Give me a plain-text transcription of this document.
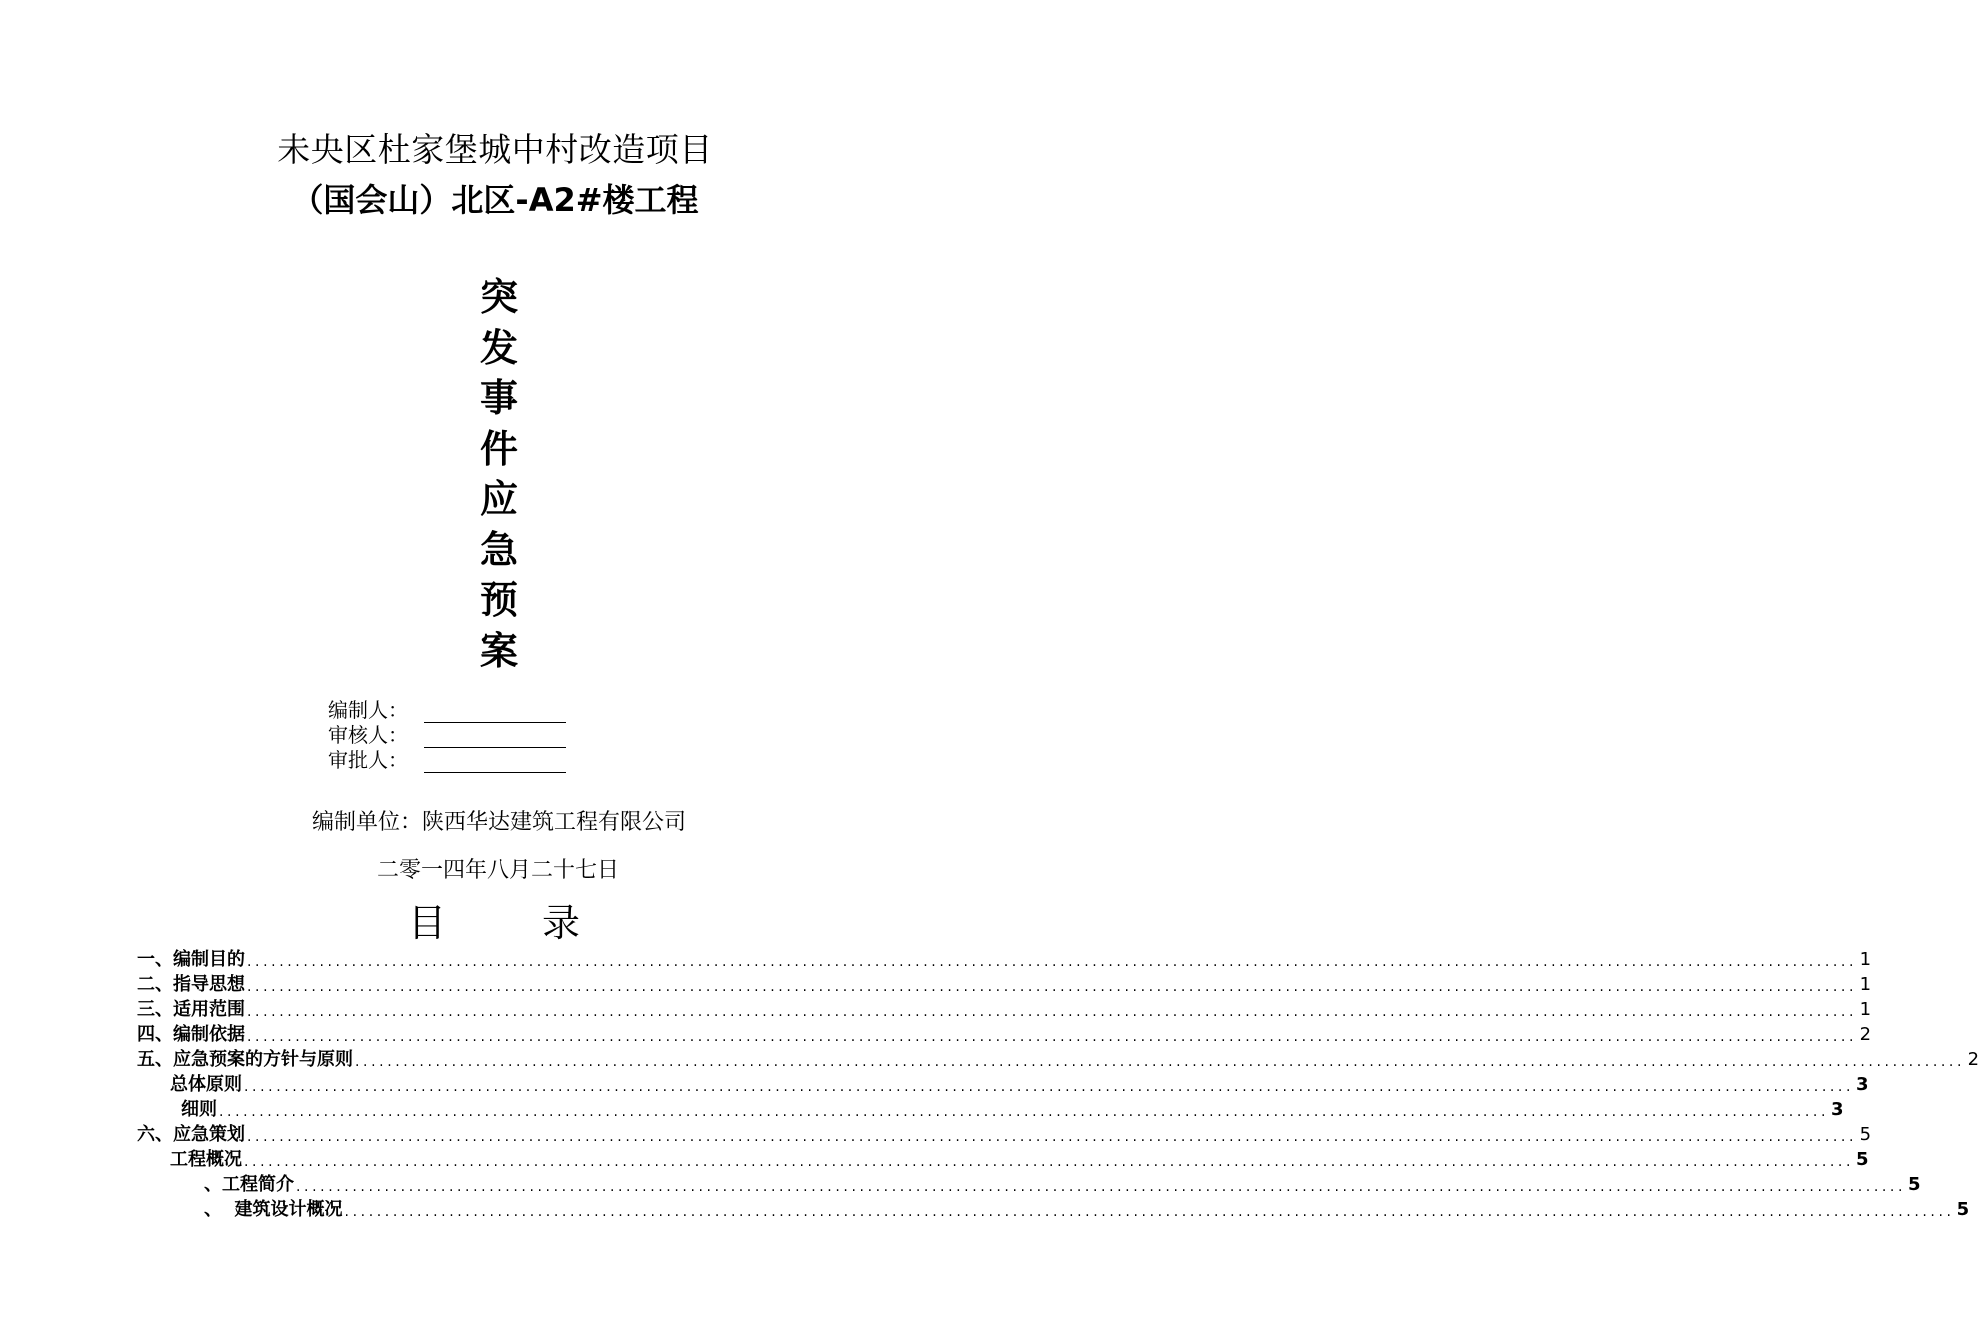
未央区杜家堡城中村改造项目
（国会山）北区-A2#楼工程
突
发
事
件
应
急
预
案
编制人：
审核人：
审批人：
编制单位：陕西华达建筑工程有限公司
二零一四年八月二十七日
目	录
一、编制目的 ........................................................................................................................................................................................................ 1
二、指导思想 ........................................................................................................................................................................................................ 1
三、适用范围 ........................................................................................................................................................................................................ 1
四、编制依据 ........................................................................................................................................................................................................ 2
五、应急预案的方针与原则 ........................................................................................................................................................................................................ 2
总体原则 ........................................................................................................................................................................................................ 3
细则 ........................................................................................................................................................................................................ 3
六、应急策划 ........................................................................................................................................................................................................ 5
工程概况 ........................................................................................................................................................................................................ 5
、工程简介 ........................................................................................................................................................................................................ 5
、  建筑设计概况 ........................................................................................................................................................................................................ 5
